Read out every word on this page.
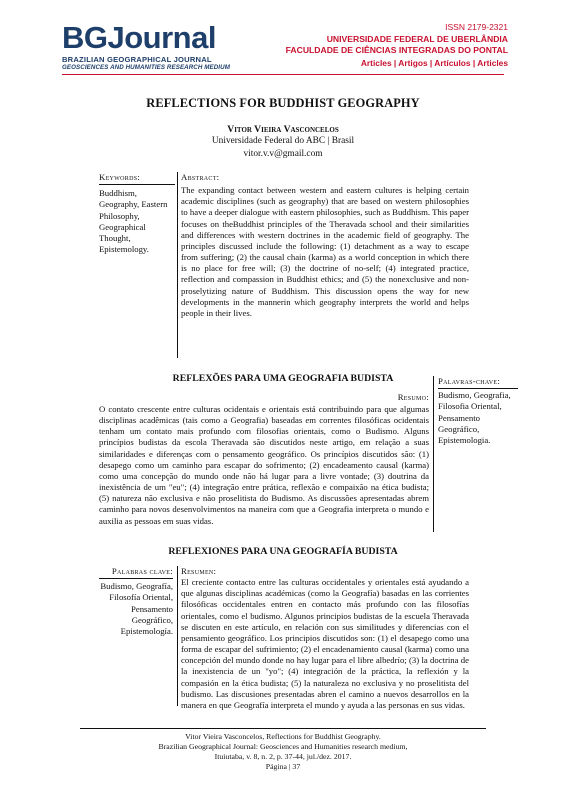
BGJournal
BRAZILIAN GEOGRAPHICAL JOURNAL
GEOSCIENCES AND HUMANITIES RESEARCH MEDIUM
ISSN 2179-2321
UNIVERSIDADE FEDERAL DE UBERLÂNDIA
FACULDADE DE CIÊNCIAS INTEGRADAS DO PONTAL
Articles | Artigos | Artículos | Articles
REFLECTIONS FOR BUDDHIST GEOGRAPHY
Vitor Vieira Vasconcelos
Universidade Federal do ABC | Brasil
vitor.v.v@gmail.com
Keywords:
Buddhism, Geography, Eastern Philosophy, Geographical Thought, Epistemology.
Abstract:
The expanding contact between western and eastern cultures is helping certain academic disciplines (such as geography) that are based on western philosophies to have a deeper dialogue with eastern philosophies, such as Buddhism. This paper focuses on theBuddhist principles of the Theravada school and their similarities and differences with western doctrines in the academic field of geography. The principles discussed include the following: (1) detachment as a way to escape from suffering; (2) the causal chain (karma) as a world conception in which there is no place for free will; (3) the doctrine of no-self; (4) integrated practice, reflection and compassion in Buddhist ethics; and (5) the nonexclusive and non-proselytizing nature of Buddhism. This discussion opens the way for new developments in the mannerin which geography interprets the world and helps people in their lives.
REFLEXÕES PARA UMA GEOGRAFIA BUDISTA
Resumo:
O contato crescente entre culturas ocidentais e orientais está contribuindo para que algumas disciplinas acadêmicas (tais como a Geografia) baseadas em correntes filosóficas ocidentais tenham um contato mais profundo com filosofias orientais, como o Budismo. Alguns princípios budistas da escola Theravada são discutidos neste artigo, em relação a suas similaridades e diferenças com o pensamento geográfico. Os princípios discutidos são: (1) desapego como um caminho para escapar do sofrimento; (2) encadeamento causal (karma) como uma concepção do mundo onde não há lugar para a livre vontade; (3) doutrina da inexistência de um "eu"; (4) integração entre prática, reflexão e compaixão na ética budista; (5) natureza não exclusiva e não proselitista do Budismo. As discussões apresentadas abrem caminho para novos desenvolvimentos na maneira com que a Geografia interpreta o mundo e auxilia as pessoas em suas vidas.
Palavras-chave:
Budismo, Geografia, Filosofia Oriental, Pensamento Geográfico, Epistemologia.
REFLEXIONES PARA UNA GEOGRAFÍA BUDISTA
Palabras clave:
Budismo, Geografía, Filosofía Oriental, Pensamento Geográfico, Epistemología.
Resumen:
El creciente contacto entre las culturas occidentales y orientales está ayudando a que algunas disciplinas académicas (como la Geografía) basadas en las corrientes filosóficas occidentales entren en contacto más profundo con las filosofías orientales, como el budismo. Algunos principios budistas de la escuela Theravada se discuten en este artículo, en relación con sus similitudes y diferencias con el pensamiento geográfico. Los principios discutidos son: (1) el desapego como una forma de escapar del sufrimiento; (2) el encadenamiento causal (karma) como una concepción del mundo donde no hay lugar para el libre albedrío; (3) la doctrina de la inexistencia de un "yo"; (4) integración de la práctica, la reflexión y la compasión en la ética budista; (5) la naturaleza no exclusiva y no proselitista del budismo. Las discusiones presentadas abren el camino a nuevos desarrollos en la manera en que Geografía interpreta el mundo y ayuda a las personas en sus vidas.
Vitor Vieira Vasconcelos, Reflections for Buddhist Geography.
Brazilian Geographical Journal: Geosciences and Humanities research medium,
Ituiutaba, v. 8, n. 2, p. 37-44, jul./dez. 2017.
Página | 37
